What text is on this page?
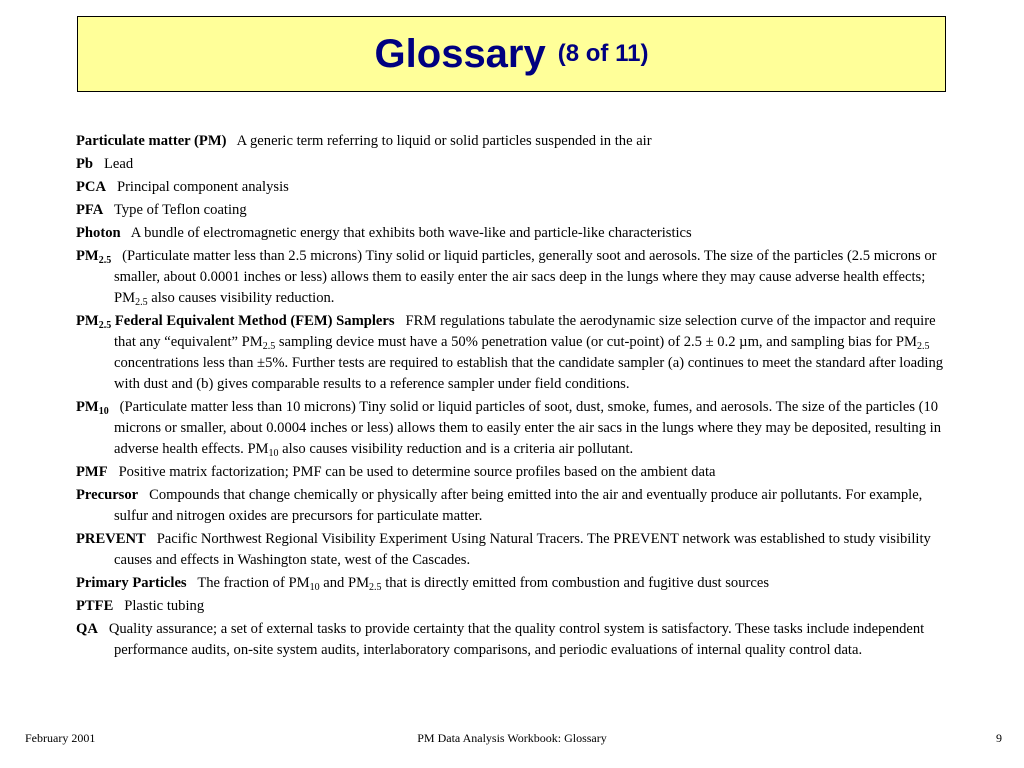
Glossary (8 of 11)
Particulate matter (PM) A generic term referring to liquid or solid particles suspended in the air
Pb Lead
PCA Principal component analysis
PFA Type of Teflon coating
Photon A bundle of electromagnetic energy that exhibits both wave-like and particle-like characteristics
$PM_{2.5}$ (Particulate matter less than 2.5 microns) Tiny solid or liquid particles, generally soot and aerosols. The size of the particles (2.5 microns or smaller, about 0.0001 inches or less) allows them to easily enter the air sacs deep in the lungs where they may cause adverse health effects; $PM_{2.5}$ also causes visibility reduction.
$PM_{2.5}$ Federal Equivalent Method (FEM) Samplers FRM regulations tabulate the aerodynamic size selection curve of the impactor and require that any “equivalent” $PM_{2.5}$ sampling device must have a 50% penetration value (or cut-point) of 2.5 ± 0.2 µm, and sampling bias for $PM_{2.5}$ concentrations less than ±5%. Further tests are required to establish that the candidate sampler (a) continues to meet the standard after loading with dust and (b) gives comparable results to a reference sampler under field conditions.
$PM_{10}$ (Particulate matter less than 10 microns) Tiny solid or liquid particles of soot, dust, smoke, fumes, and aerosols. The size of the particles (10 microns or smaller, about 0.0004 inches or less) allows them to easily enter the air sacs in the lungs where they may be deposited, resulting in adverse health effects. $PM_{10}$ also causes visibility reduction and is a criteria air pollutant.
PMF Positive matrix factorization; PMF can be used to determine source profiles based on the ambient data
Precursor Compounds that change chemically or physically after being emitted into the air and eventually produce air pollutants. For example, sulfur and nitrogen oxides are precursors for particulate matter.
PREVENT Pacific Northwest Regional Visibility Experiment Using Natural Tracers. The PREVENT network was established to study visibility causes and effects in Washington state, west of the Cascades.
Primary Particles The fraction of $PM_{10}$ and $PM_{2.5}$ that is directly emitted from combustion and fugitive dust sources
PTFE Plastic tubing
QA Quality assurance; a set of external tasks to provide certainty that the quality control system is satisfactory. These tasks include independent performance audits, on-site system audits, interlaboratory comparisons, and periodic evaluations of internal quality control data.
February 2001	PM Data Analysis Workbook: Glossary	9
